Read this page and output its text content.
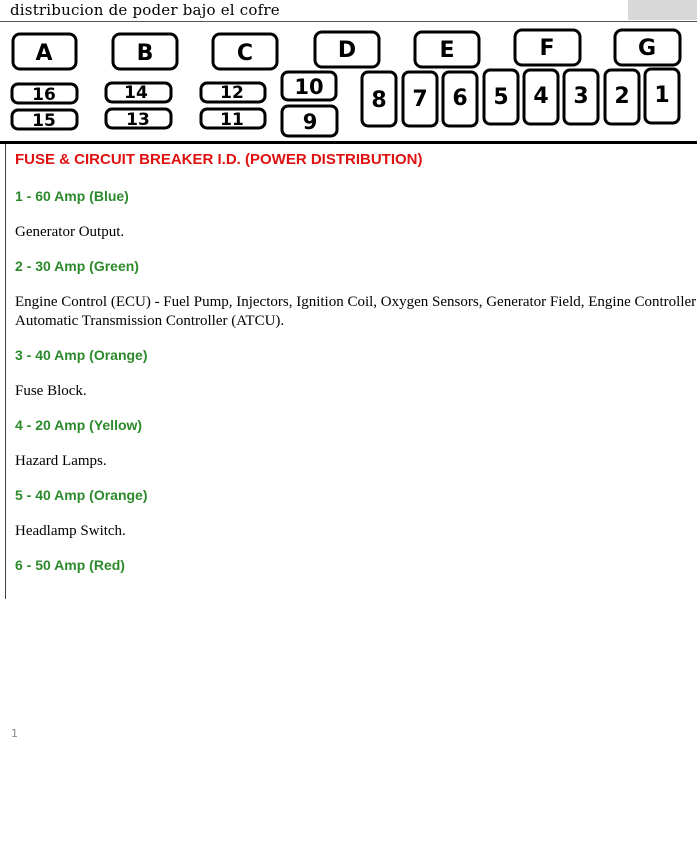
distribucion de poder bajo el cofre
A	B	C	D	E	F	G
16	14	12
15	13	11
10
9
8 7 6 5 4 3 2 1
FUSE & CIRCUIT BREAKER I.D. (POWER DISTRIBUTION)
1 - 60 Amp (Blue)
Generator Output.
2 - 30 Amp (Green)
Engine Control (ECU) - Fuel Pump, Injectors, Ignition Coil, Oxygen Sensors, Generator Field, Engine Controller
Automatic Transmission Controller (ATCU).
3 - 40 Amp (Orange)
Fuse Block.
4 - 20 Amp (Yellow)
Hazard Lamps.
5 - 40 Amp (Orange)
Headlamp Switch.
6 - 50 Amp (Red)
1
